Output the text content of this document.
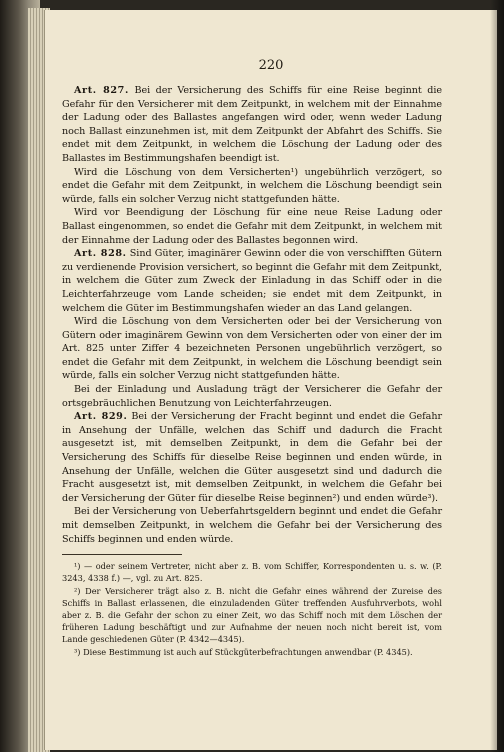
220

Art. 827. Bei der Versicherung des Schiffs für eine Reise beginnt die Gefahr für den Versicherer mit dem Zeitpunkt, in welchem mit der Einnahme der Ladung oder des Ballastes angefangen wird oder, wenn weder Ladung noch Ballast einzunehmen ist, mit dem Zeitpunkt der Abfahrt des Schiffs. Sie endet mit dem Zeitpunkt, in welchem die Löschung der Ladung oder des Ballastes im Bestimmungshafen beendigt ist.

Wird die Löschung von dem Versicherten¹) ungebührlich verzögert, so endet die Gefahr mit dem Zeitpunkt, in welchem die Löschung beendigt sein würde, falls ein solcher Verzug nicht stattgefunden hätte.

Wird vor Beendigung der Löschung für eine neue Reise Ladung oder Ballast eingenommen, so endet die Gefahr mit dem Zeitpunkt, in welchem mit der Einnahme der Ladung oder des Ballastes begonnen wird.

Art. 828. Sind Güter, imaginärer Gewinn oder die von verschifften Gütern zu verdienende Provision versichert, so beginnt die Gefahr mit dem Zeitpunkt, in welchem die Güter zum Zweck der Einladung in das Schiff oder in die Leichterfahrzeuge vom Lande scheiden; sie endet mit dem Zeitpunkt, in welchem die Güter im Bestimmungshafen wieder an das Land gelangen.

Wird die Löschung von dem Versicherten oder bei der Versicherung von Gütern oder imaginärem Gewinn von dem Versicherten oder von einer der im Art. 825 unter Ziffer 4 bezeichneten Personen ungebührlich verzögert, so endet die Gefahr mit dem Zeitpunkt, in welchem die Löschung beendigt sein würde, falls ein solcher Verzug nicht stattgefunden hätte.

Bei der Einladung und Ausladung trägt der Versicherer die Gefahr der ortsgebräuchlichen Benutzung von Leichterfahrzeugen.

Art. 829. Bei der Versicherung der Fracht beginnt und endet die Gefahr in Ansehung der Unfälle, welchen das Schiff und dadurch die Fracht ausgesetzt ist, mit demselben Zeitpunkt, in dem die Gefahr bei der Versicherung des Schiffs für dieselbe Reise beginnen und enden würde, in Ansehung der Unfälle, welchen die Güter ausgesetzt sind und dadurch die Fracht ausgesetzt ist, mit demselben Zeitpunkt, in welchem die Gefahr bei der Versicherung der Güter für dieselbe Reise beginnen²) und enden würde³).

Bei der Versicherung von Ueberfahrtsgeldern beginnt und endet die Gefahr mit demselben Zeitpunkt, in welchem die Gefahr bei der Versicherung des Schiffs beginnen und enden würde.

¹) — oder seinem Vertreter, nicht aber z. B. vom Schiffer, Korrespondenten u. s. w. (P. 3243, 4338 f.) —, vgl. zu Art. 825.

²) Der Versicherer trägt also z. B. nicht die Gefahr eines während der Zureise des Schiffs in Ballast erlassenen, die einzuladenden Güter treffenden Ausfuhrverbots, wohl aber z. B. die Gefahr der schon zu einer Zeit, wo das Schiff noch mit dem Löschen der früheren Ladung beschäftigt und zur Aufnahme der neuen noch nicht bereit ist, vom Lande geschiedenen Güter (P. 4342—4345).

³) Diese Bestimmung ist auch auf Stückgüterbefrachtungen anwendbar (P. 4345).
